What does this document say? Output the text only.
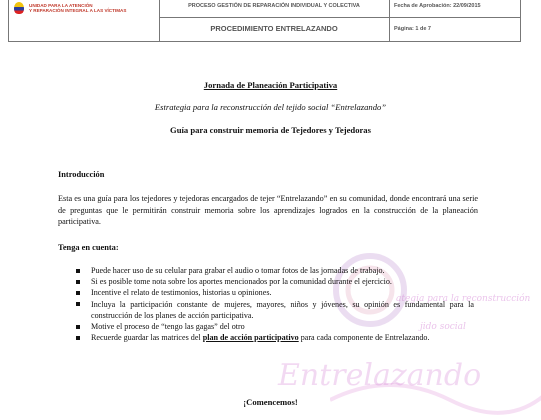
UNIDAD PARA LA ATENCIÓN
Y REPARACIÓN INTEGRAL A LAS VÍCTIMAS
PROCESO GESTIÓN DE REPARACIÓN INDIVIDUAL Y COLECTIVA	Fecha de Aprobación: 22/09/2015
PROCEDIMIENTO ENTRELAZANDO	Página: 1 de 7
ategia para la reconstrucción
jido social
Entrelazando
Jornada de Planeación Participativa
Estrategia para la reconstrucción del tejido social “Entrelazando”
Guía para construir memoria de Tejedores y Tejedoras
Introducción
Esta es una guía para los tejedores y tejedoras encargados de tejer “Entrelazando” en su comunidad, donde encontrará una serie de preguntas que le permitirán construir memoria sobre los aprendizajes logrados en la construcción de la planeación participativa.
Tenga en cuenta:
Puede hacer uso de su celular para grabar el audio o tomar fotos de las jornadas de trabajo.
Si es posible tome nota sobre los aportes mencionados por la comunidad durante el ejercicio.
Incentive el relato de testimonios, historias u opiniones.
Incluya la participación constante de mujeres, mayores, niños y jóvenes, su opinión es fundamental para la construcción de los planes de acción participativa.
Motive el proceso de “tengo las gagas” del otro
Recuerde guardar las matrices del plan de acción participativo para cada componente de Entrelazando.
¡Comencemos!
